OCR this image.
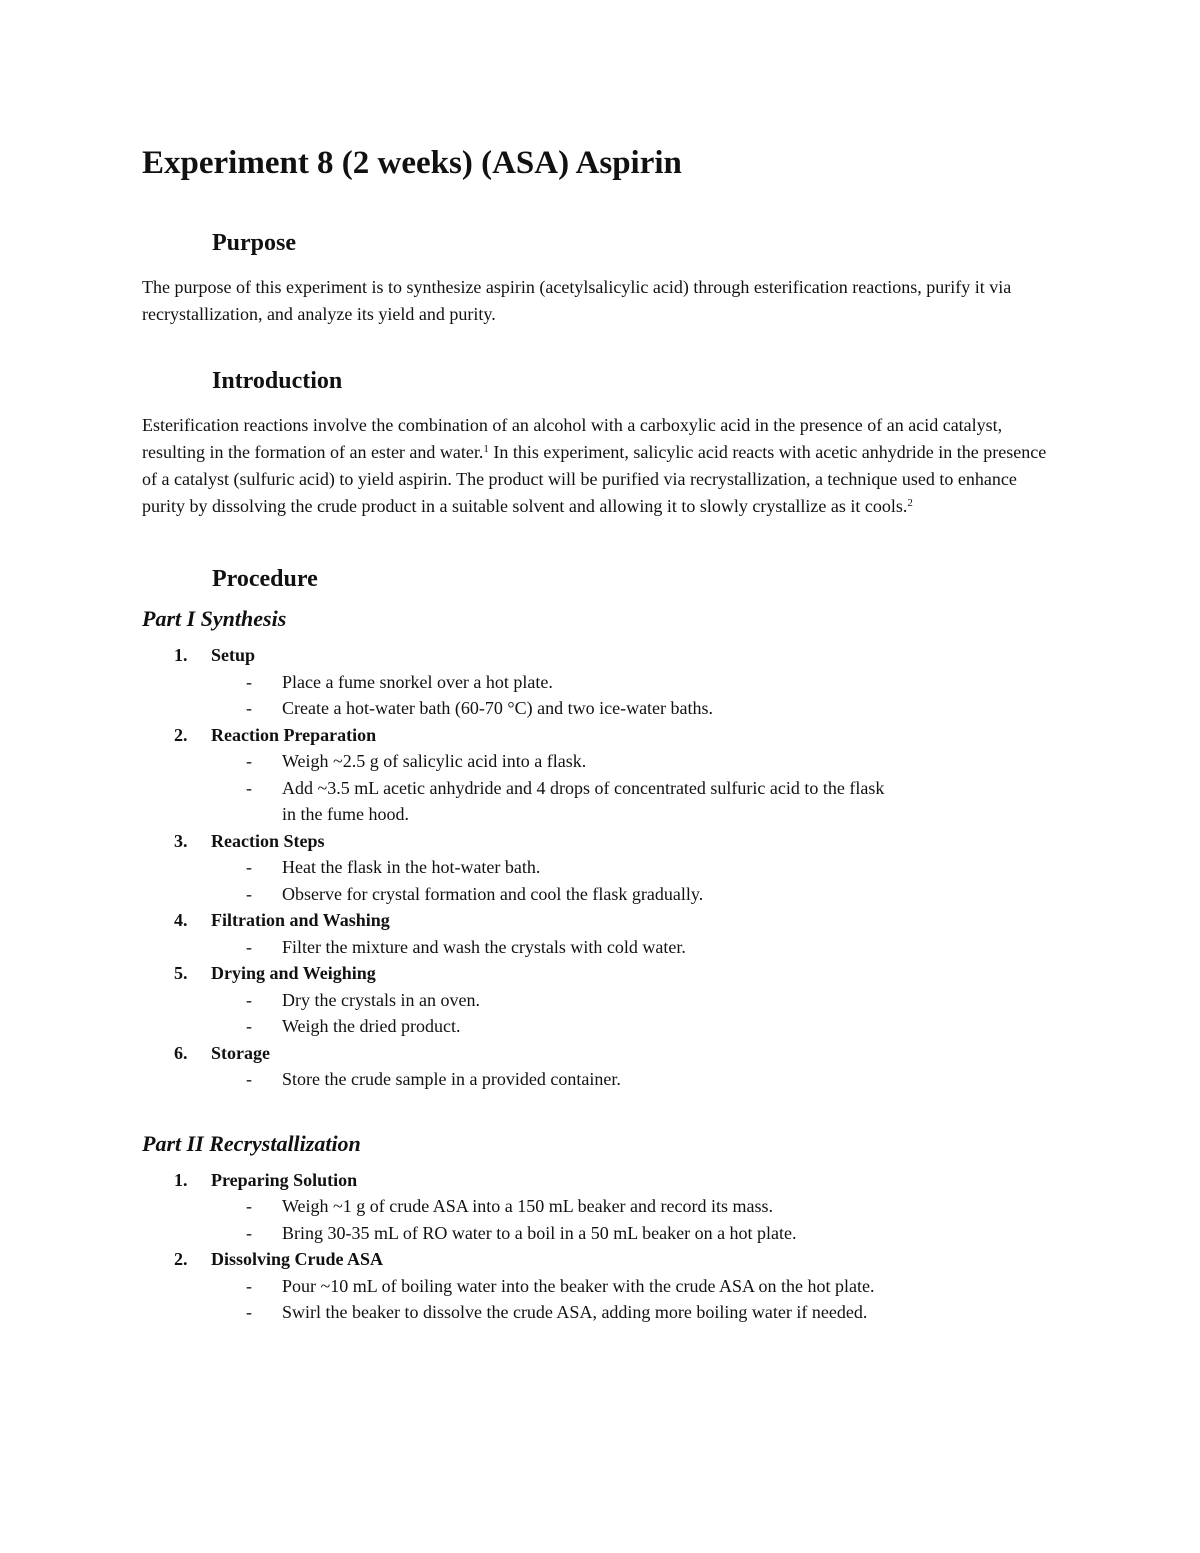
Experiment 8 (2 weeks) (ASA) Aspirin
Purpose

The purpose of this experiment is to synthesize aspirin (acetylsalicylic acid) through esterification reactions, purify it via recrystallization, and analyze its yield and purity.

Introduction

Esterification reactions involve the combination of an alcohol with a carboxylic acid in the presence of an acid catalyst, resulting in the formation of an ester and water.$^1$ In this experiment, salicylic acid reacts with acetic anhydride in the presence of a catalyst (sulfuric acid) to yield aspirin. The product will be purified via recrystallization, a technique used to enhance purity by dissolving the crude product in a suitable solvent and allowing it to slowly crystallize as it cools.$^2$

Procedure
Part I Synthesis
1. Setup
- Place a fume snorkel over a hot plate.
- Create a hot-water bath (60-70 °C) and two ice-water baths.
2. Reaction Preparation
- Weigh ~2.5 g of salicylic acid into a flask.
- Add ~3.5 mL acetic anhydride and 4 drops of concentrated sulfuric acid to the flask in the fume hood.
3. Reaction Steps
- Heat the flask in the hot-water bath.
- Observe for crystal formation and cool the flask gradually.
4. Filtration and Washing
- Filter the mixture and wash the crystals with cold water.
5. Drying and Weighing
- Dry the crystals in an oven.
- Weigh the dried product.
6. Storage
- Store the crude sample in a provided container.
Part II Recrystallization
1. Preparing Solution
- Weigh ~1 g of crude ASA into a 150 mL beaker and record its mass.
- Bring 30-35 mL of RO water to a boil in a 50 mL beaker on a hot plate.
2. Dissolving Crude ASA
- Pour ~10 mL of boiling water into the beaker with the crude ASA on the hot plate.
- Swirl the beaker to dissolve the crude ASA, adding more boiling water if needed.
